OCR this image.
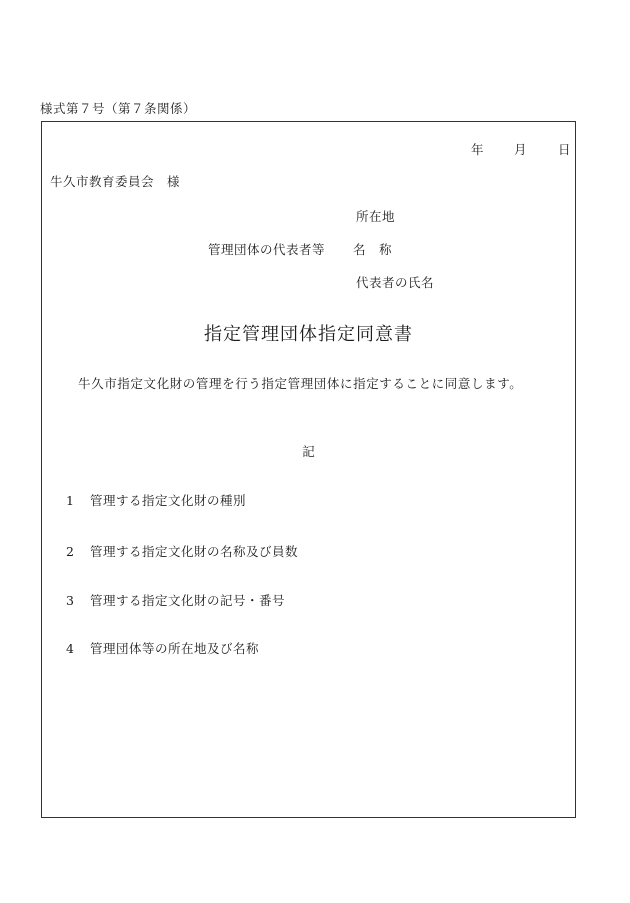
様式第７号（第７条関係）
年 月 日
牛久市教育委員会　様
所在地
管理団体の代表者等 名　称
代表者の氏名
指定管理団体指定同意書
牛久市指定文化財の管理を行う指定管理団体に指定することに同意します。
記
1 管理する指定文化財の種別
2 管理する指定文化財の名称及び員数
3 管理する指定文化財の記号・番号
4 管理団体等の所在地及び名称
